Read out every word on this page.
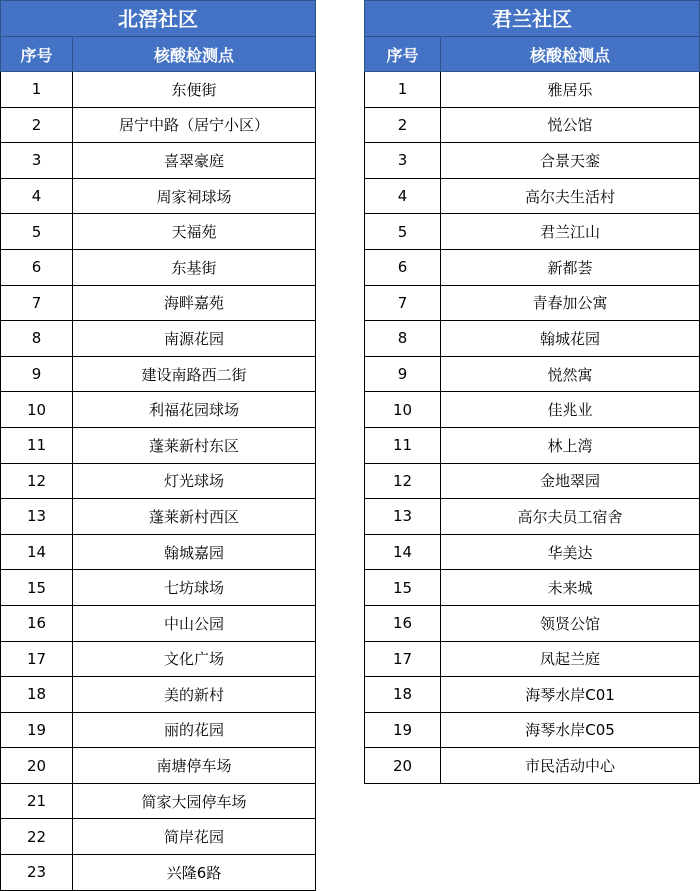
北滘社区
序号	核酸检测点
1	东便街
2	居宁中路（居宁小区）
3	喜翠豪庭
4	周家祠球场
5	天福苑
6	东基街
7	海畔嘉苑
8	南源花园
9	建设南路西二街
10	利福花园球场
11	蓬莱新村东区
12	灯光球场
13	蓬莱新村西区
14	翰城嘉园
15	七坊球场
16	中山公园
17	文化广场
18	美的新村
19	丽的花园
20	南塘停车场
21	简家大园停车场
22	简岸花园
23	兴隆6路
君兰社区
序号	核酸检测点
1	雅居乐
2	悦公馆
3	合景天銮
4	高尔夫生活村
5	君兰江山
6	新都荟
7	青春加公寓
8	翰城花园
9	悦然寓
10	佳兆业
11	林上湾
12	金地翠园
13	高尔夫员工宿舍
14	华美达
15	未来城
16	领贤公馆
17	凤起兰庭
18	海琴水岸C01
19	海琴水岸C05
20	市民活动中心
